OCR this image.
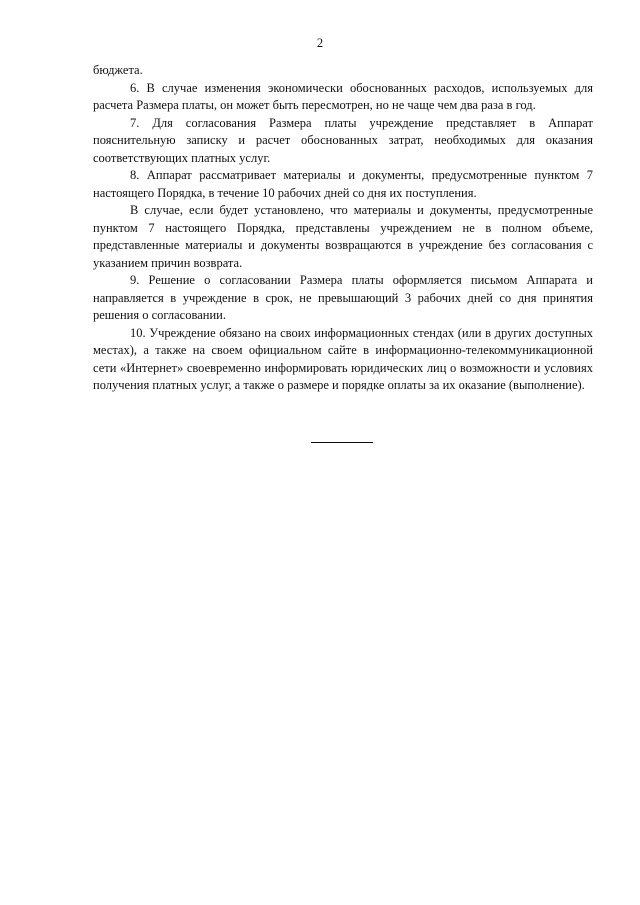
2

бюджета.

6. В случае изменения экономически обоснованных расходов, используемых для расчета Размера платы, он может быть пересмотрен, но не чаще чем два раза в год.

7. Для согласования Размера платы учреждение представляет в Аппарат пояснительную записку и расчет обоснованных затрат, необходимых для оказания соответствующих платных услуг.

8. Аппарат рассматривает материалы и документы, предусмотренные пунктом 7 настоящего Порядка, в течение 10 рабочих дней со дня их поступления.

В случае, если будет установлено, что материалы и документы, предусмотренные пунктом 7 настоящего Порядка, представлены учреждением не в полном объеме, представленные материалы и документы возвращаются в учреждение без согласования с указанием причин возврата.

9. Решение о согласовании Размера платы оформляется письмом Аппарата и направляется в учреждение в срок, не превышающий 3 рабочих дней со дня принятия решения о согласовании.

10. Учреждение обязано на своих информационных стендах (или в других доступных местах), а также на своем официальном сайте в информационно-телекоммуникационной сети «Интернет» своевременно информировать юридических лиц о возможности и условиях получения платных услуг, а также о размере и порядке оплаты за их оказание (выполнение).
